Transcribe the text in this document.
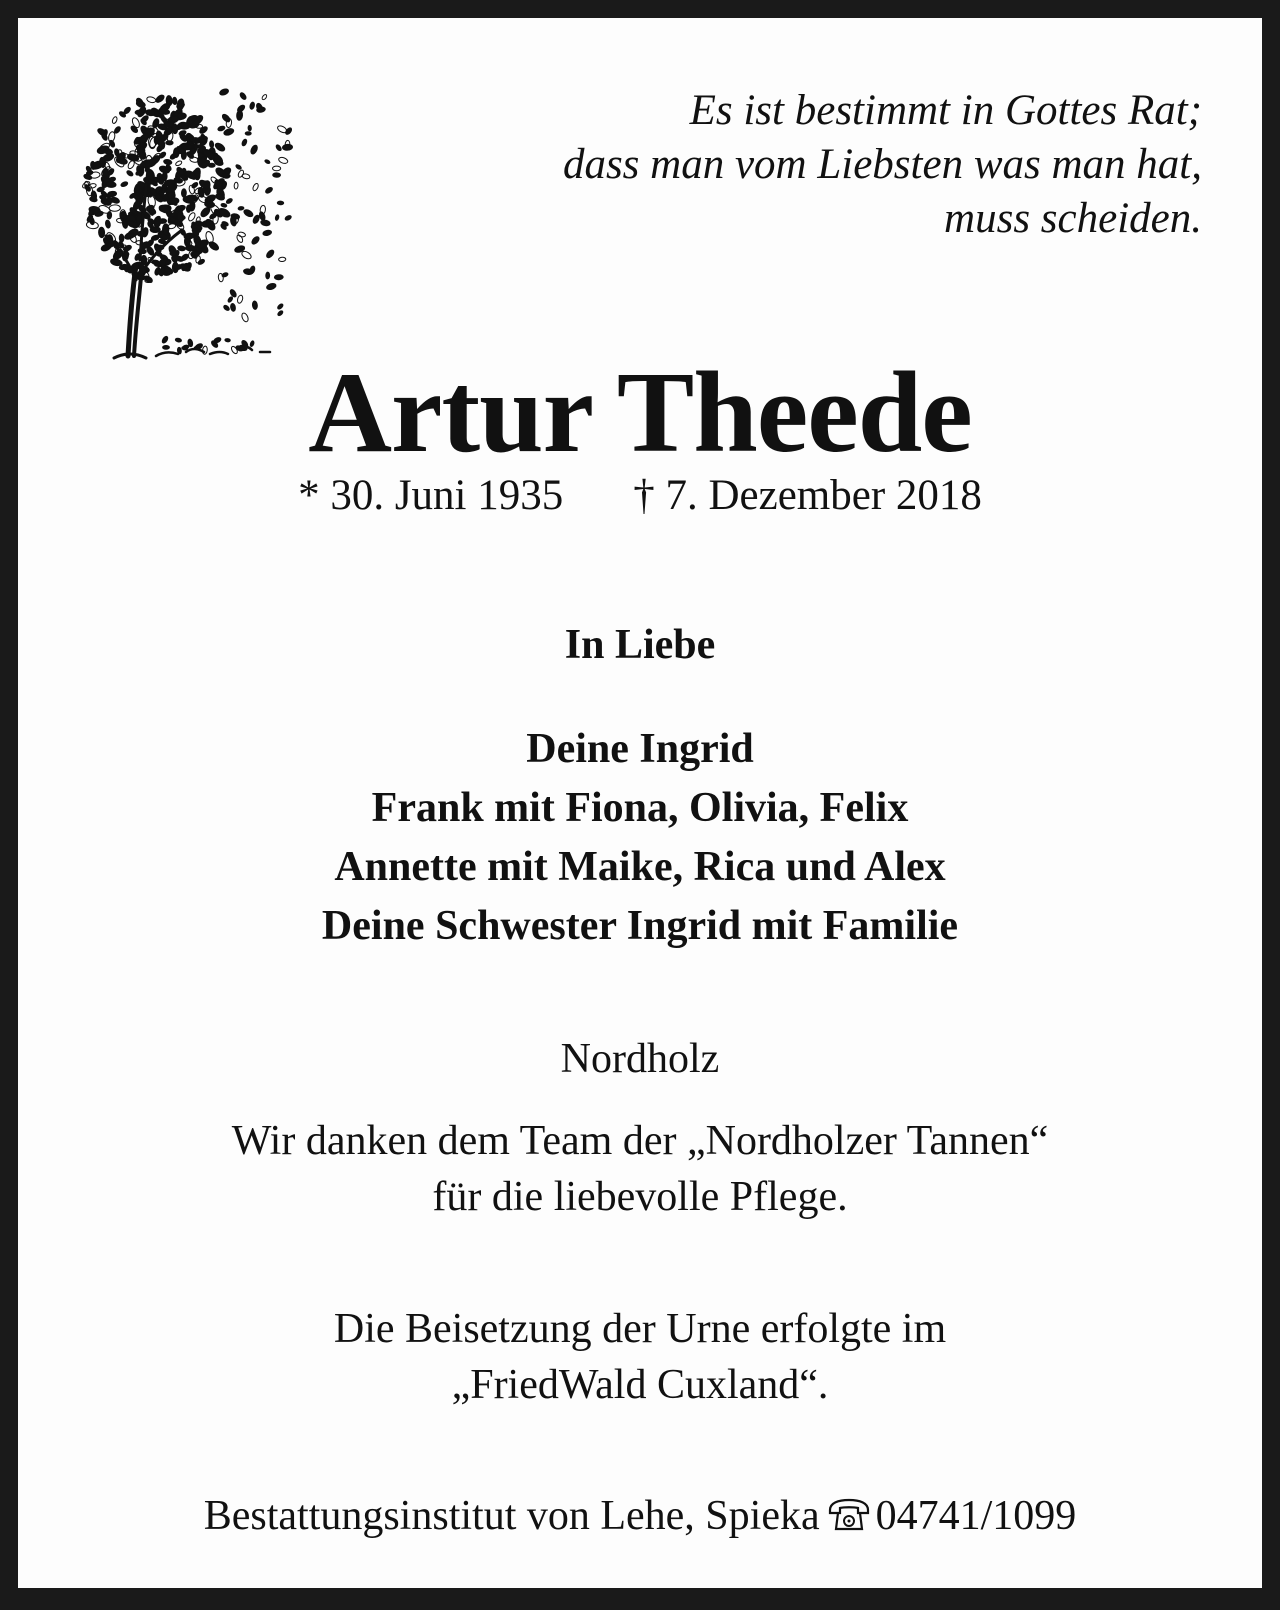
Es ist bestimmt in Gottes Rat;
dass man vom Liebsten was man hat,
muss scheiden.
Artur Theede
* 30. Juni 1935 † 7. Dezember 2018
In Liebe
Deine Ingrid
Frank mit Fiona, Olivia, Felix
Annette mit Maike, Rica und Alex
Deine Schwester Ingrid mit Familie
Nordholz
Wir danken dem Team der „Nordholzer Tannen“
für die liebevolle Pflege.
Die Beisetzung der Urne erfolgte im
„FriedWald Cuxland“.
Bestattungsinstitut von Lehe, Spieka 04741/1099
